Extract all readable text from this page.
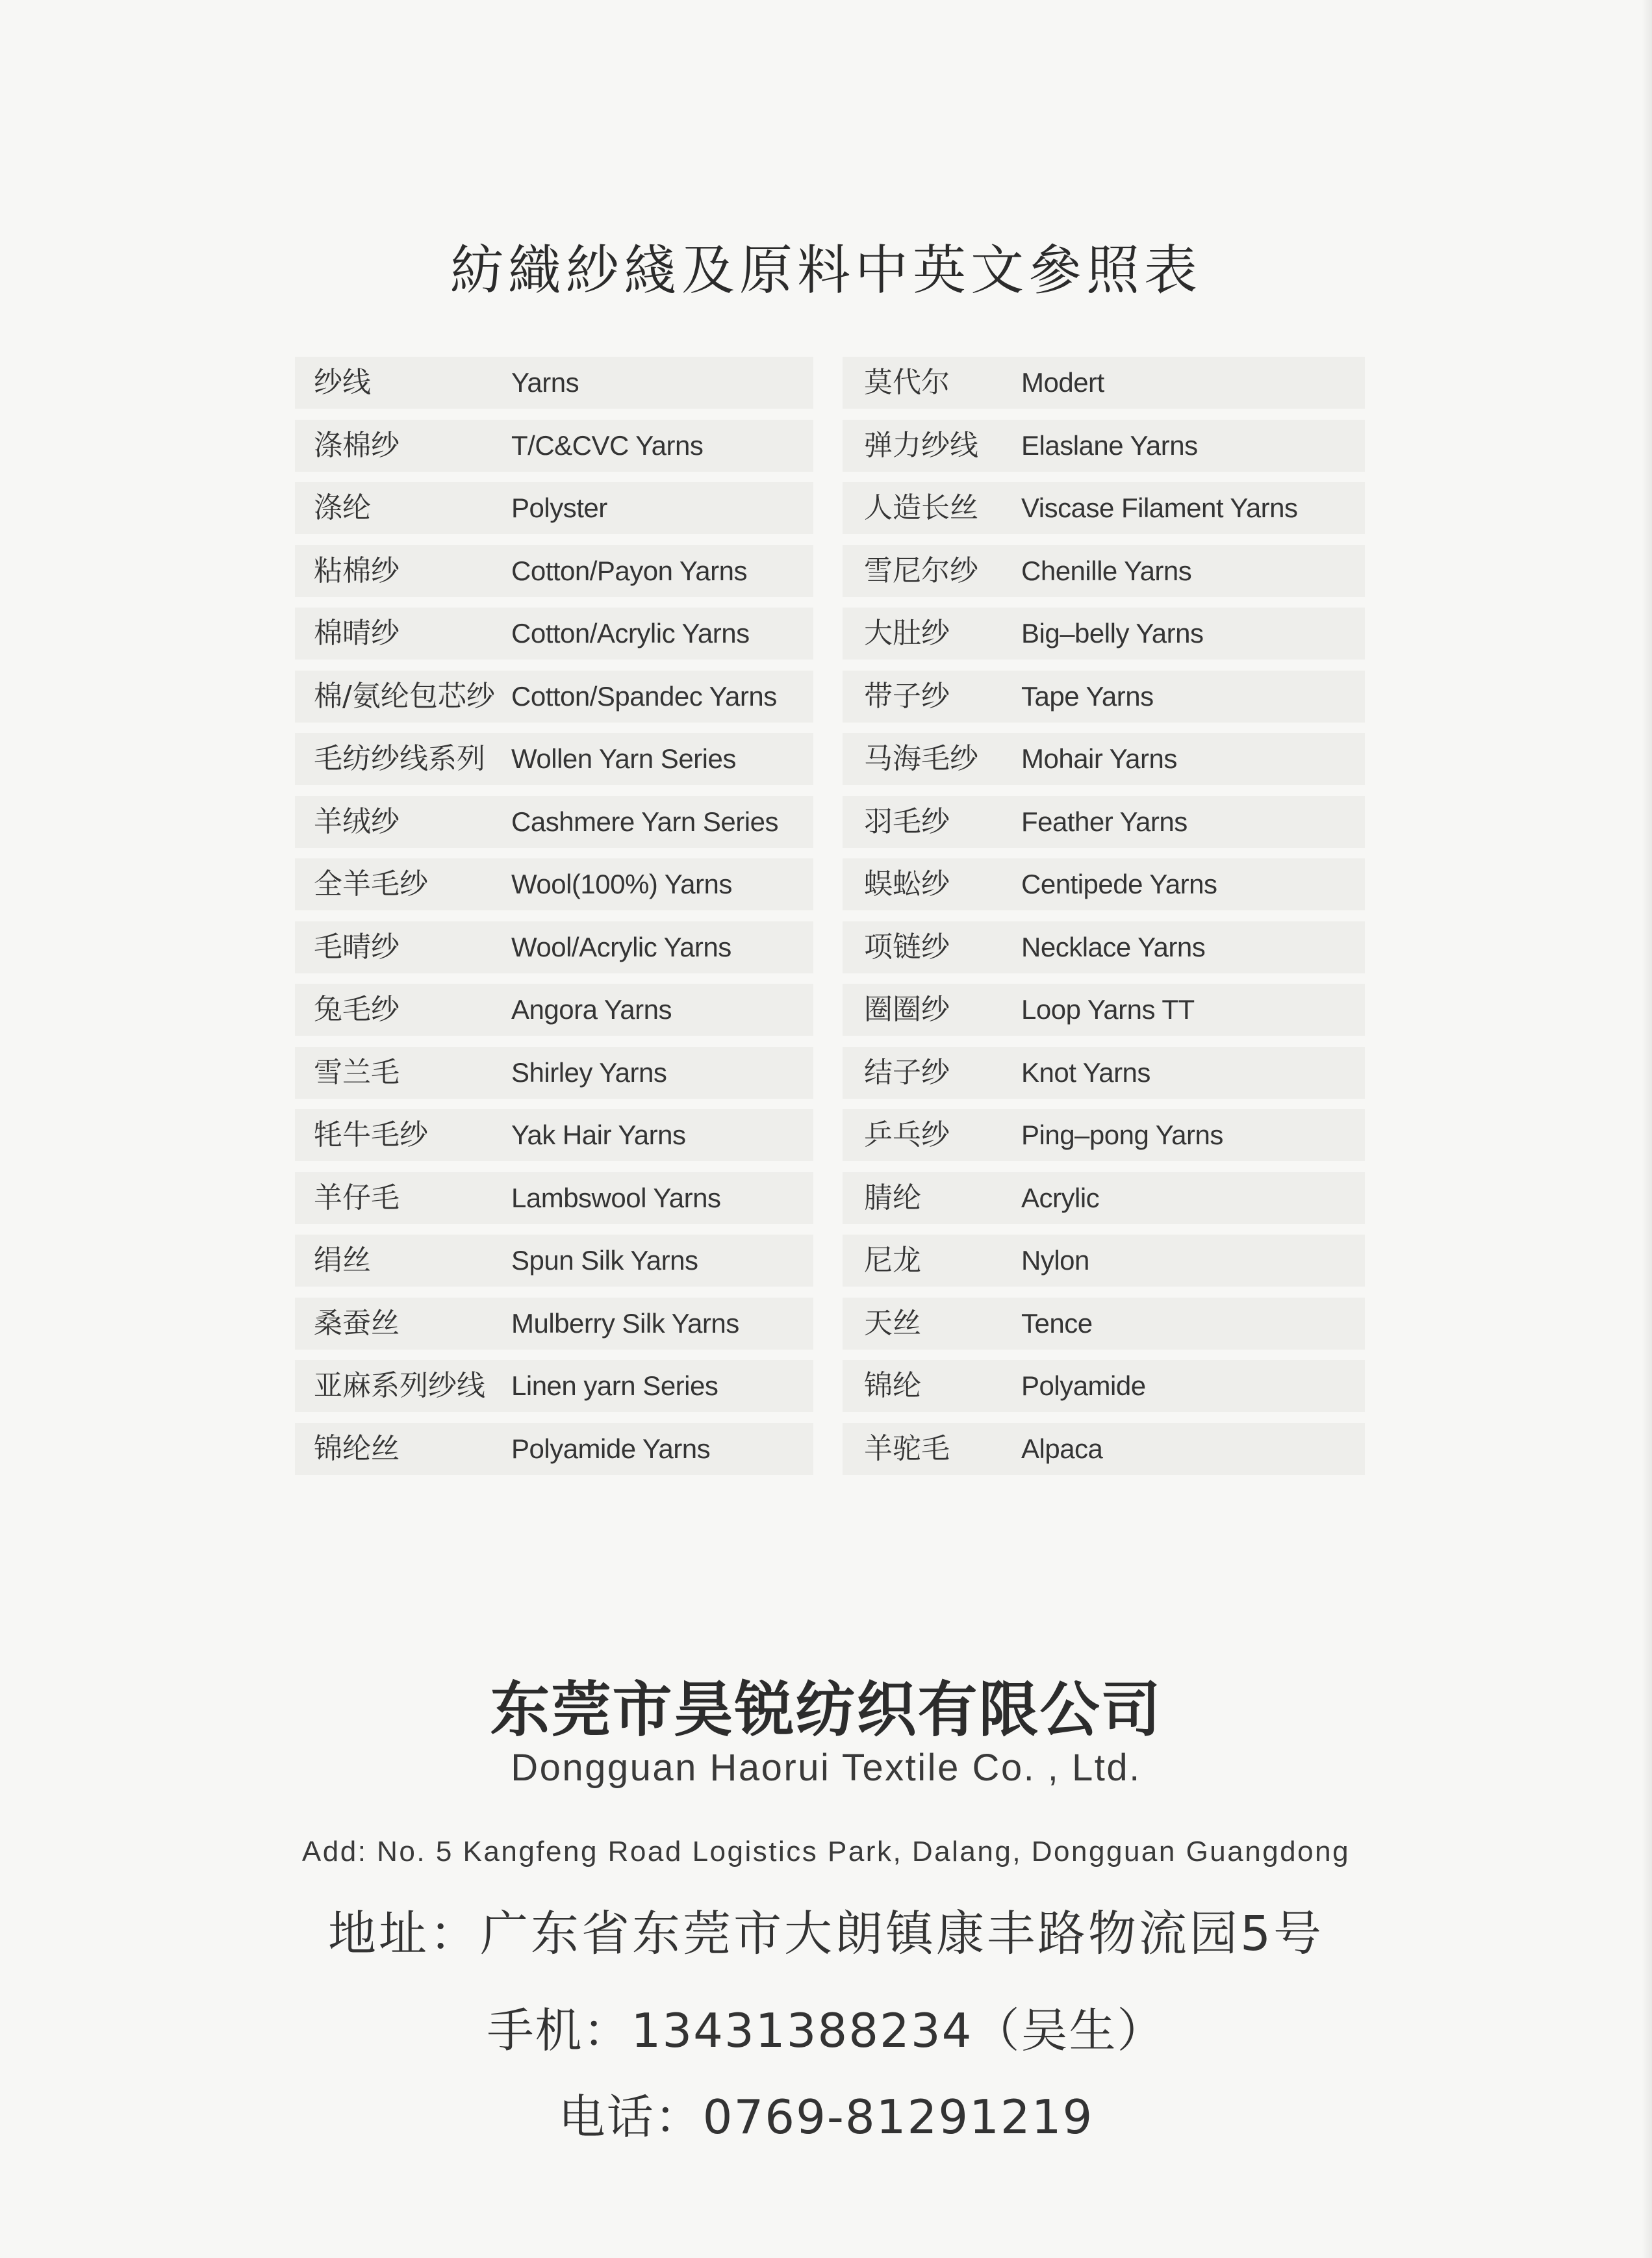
紡織紗綫及原料中英文參照表
纱线	Yarns
涤棉纱	T/C&CVC Yarns
涤纶	Polyster
粘棉纱	Cotton/Payon Yarns
棉晴纱	Cotton/Acrylic Yarns
棉/氨纶包芯纱 Cotton/Spandec Yarns
毛纺纱线系列 Wollen Yarn Series
羊绒纱	Cashmere Yarn Series
全羊毛纱	Wool(100%) Yarns
毛晴纱	Wool/Acrylic Yarns
兔毛纱	Angora Yarns
雪兰毛	Shirley Yarns
牦牛毛纱	Yak Hair Yarns
羊仔毛	Lambswool Yarns
绢丝	Spun Silk Yarns
桑蚕丝	Mulberry Silk Yarns
亚麻系列纱线 Linen yarn Series
锦纶丝	Polyamide Yarns
莫代尔	Modert
弹力纱线 Elaslane Yarns
人造长丝 Viscase Filament Yarns
雪尼尔纱 Chenille Yarns
大肚纱	Big–belly Yarns
带子纱	Tape Yarns
马海毛纱 Mohair Yarns
羽毛纱	Feather Yarns
蜈蚣纱	Centipede Yarns
项链纱	Necklace Yarns
圈圈纱	Loop Yarns TT
结子纱	Knot Yarns
乒乓纱	Ping–pong Yarns
腈纶	Acrylic
尼龙	Nylon
天丝	Tence
锦纶	Polyamide
羊驼毛	Alpaca
东莞市昊锐纺织有限公司
Dongguan Haorui Textile Co. , Ltd.
Add: No. 5 Kangfeng Road Logistics Park, Dalang, Dongguan Guangdong
地址：广东省东莞市大朗镇康丰路物流园5号
手机：13431388234（吴生）
电话：0769-81291219
